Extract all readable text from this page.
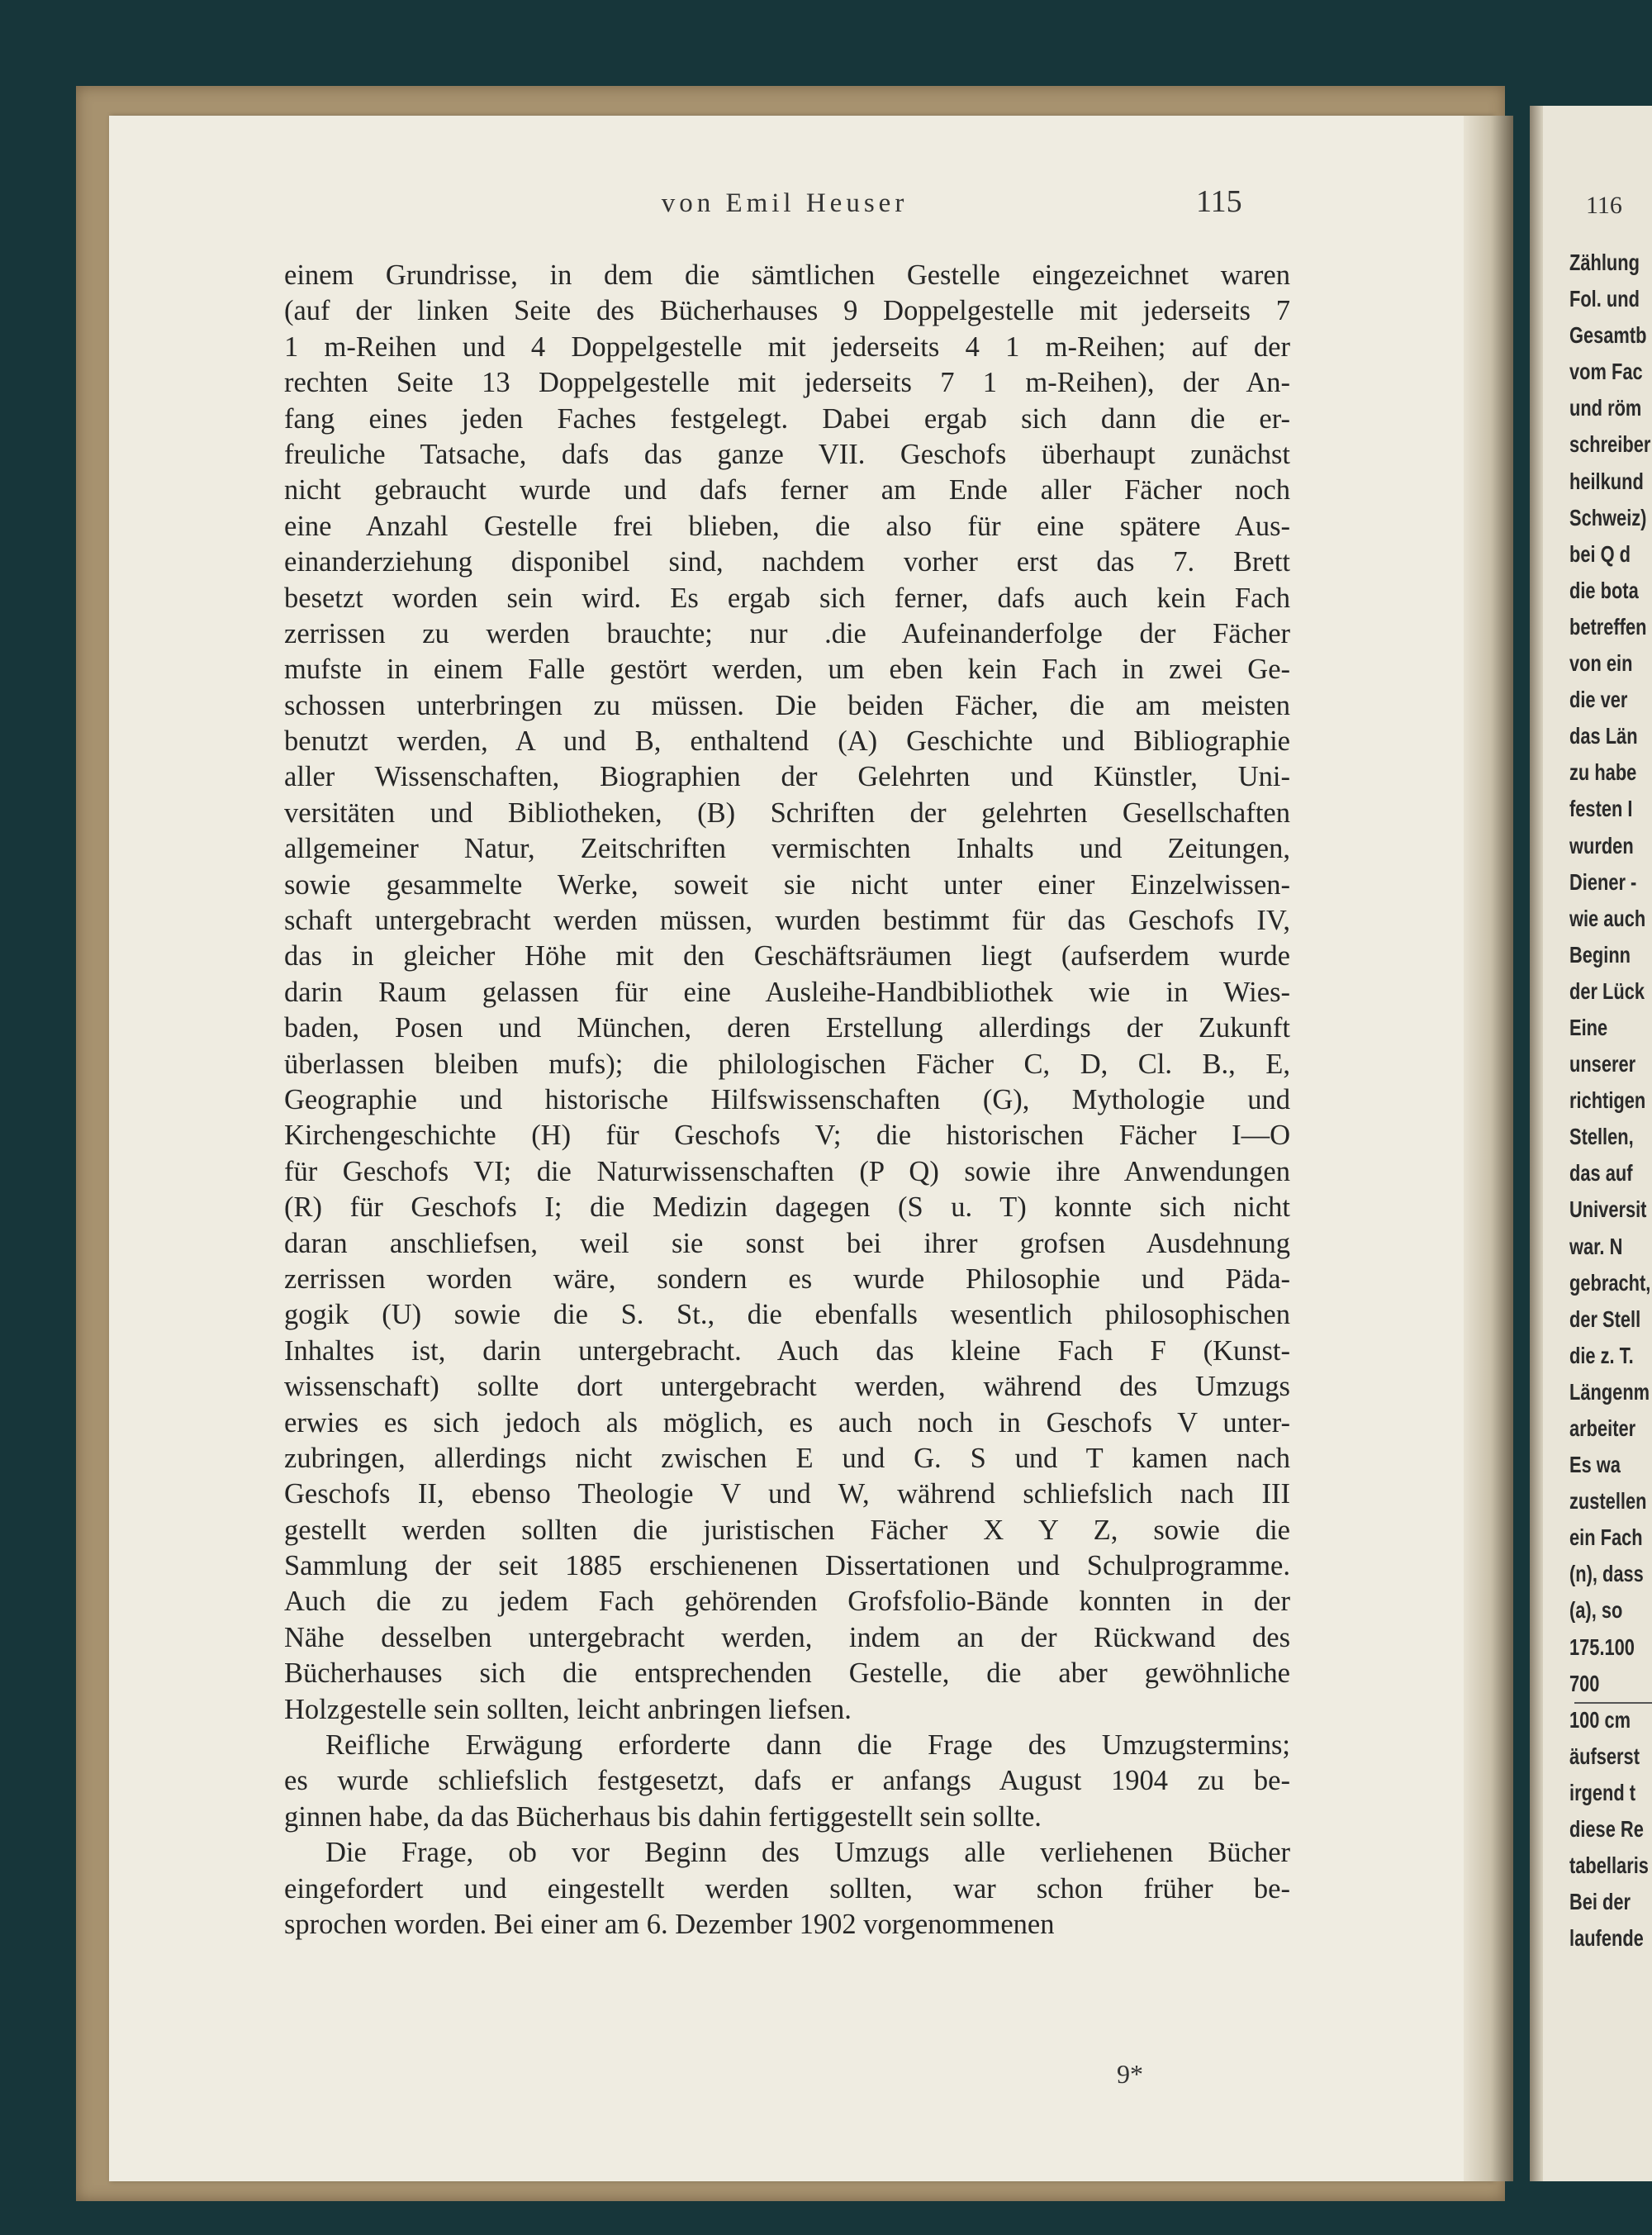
von Emil Heuser	115
einem Grundrisse, in dem die sämtlichen Gestelle eingezeichnet waren
(auf der linken Seite des Bücherhauses 9 Doppelgestelle mit jederseits 7
1 m-Reihen und 4 Doppelgestelle mit jederseits 4 1 m-Reihen; auf der
rechten Seite 13 Doppelgestelle mit jederseits 7 1 m-Reihen), der An-
fang eines jeden Faches festgelegt. Dabei ergab sich dann die er-
freuliche Tatsache, dafs das ganze VII. Geschofs überhaupt zunächst
nicht gebraucht wurde und dafs ferner am Ende aller Fächer noch
eine Anzahl Gestelle frei blieben, die also für eine spätere Aus-
einanderziehung disponibel sind, nachdem vorher erst das 7. Brett
besetzt worden sein wird. Es ergab sich ferner, dafs auch kein Fach
zerrissen zu werden brauchte; nur .die Aufeinanderfolge der Fächer
mufste in einem Falle gestört werden, um eben kein Fach in zwei Ge-
schossen unterbringen zu müssen. Die beiden Fächer, die am meisten
benutzt werden, A und B, enthaltend (A) Geschichte und Bibliographie
aller Wissenschaften, Biographien der Gelehrten und Künstler, Uni-
versitäten und Bibliotheken, (B) Schriften der gelehrten Gesellschaften
allgemeiner Natur, Zeitschriften vermischten Inhalts und Zeitungen,
sowie gesammelte Werke, soweit sie nicht unter einer Einzelwissen-
schaft untergebracht werden müssen, wurden bestimmt für das Geschofs IV,
das in gleicher Höhe mit den Geschäftsräumen liegt (aufserdem wurde
darin Raum gelassen für eine Ausleihe-Handbibliothek wie in Wies-
baden, Posen und München, deren Erstellung allerdings der Zukunft
überlassen bleiben mufs); die philologischen Fächer C, D, Cl. B., E,
Geographie und historische Hilfswissenschaften (G), Mythologie und
Kirchengeschichte (H) für Geschofs V; die historischen Fächer I—O
für Geschofs VI; die Naturwissenschaften (P Q) sowie ihre Anwendungen
(R) für Geschofs I; die Medizin dagegen (S u. T) konnte sich nicht
daran anschliefsen, weil sie sonst bei ihrer grofsen Ausdehnung
zerrissen worden wäre, sondern es wurde Philosophie und Päda-
gogik (U) sowie die S. St., die ebenfalls wesentlich philosophischen
Inhaltes ist, darin untergebracht. Auch das kleine Fach F (Kunst-
wissenschaft) sollte dort untergebracht werden, während des Umzugs
erwies es sich jedoch als möglich, es auch noch in Geschofs V unter-
zubringen, allerdings nicht zwischen E und G. S und T kamen nach
Geschofs II, ebenso Theologie V und W, während schliefslich nach III
gestellt werden sollten die juristischen Fächer X Y Z, sowie die
Sammlung der seit 1885 erschienenen Dissertationen und Schulprogramme.
Auch die zu jedem Fach gehörenden Grofsfolio-Bände konnten in der
Nähe desselben untergebracht werden, indem an der Rückwand des
Bücherhauses sich die entsprechenden Gestelle, die aber gewöhnliche
Holzgestelle sein sollten, leicht anbringen liefsen.
Reifliche Erwägung erforderte dann die Frage des Umzugstermins;
es wurde schliefslich festgesetzt, dafs er anfangs August 1904 zu be-
ginnen habe, da das Bücherhaus bis dahin fertiggestellt sein sollte.
Die Frage, ob vor Beginn des Umzugs alle verliehenen Bücher
eingefordert und eingestellt werden sollten, war schon früher be-
sprochen worden. Bei einer am 6. Dezember 1902 vorgenommenen
9*
116
Zählung
Fol. und
Gesamtb
vom Fac
und röm
schreiber
heilkund
Schweiz)
bei Q d
die bota
betreffen
von ein
die ver
das Län
zu habe
festen I
wurden
Diener -
wie auch
Beginn
der Lück
Eine
unserer
richtigen
Stellen,
das auf
Universit
war. N
gebracht,
der Stell
die z. T.
Längenm
arbeiter
Es wa
zustellen
ein Fach
(n), dass
(a), so
175.100
700
100 cm
äufserst
irgend t
diese Re
tabellaris
Bei der
laufende
